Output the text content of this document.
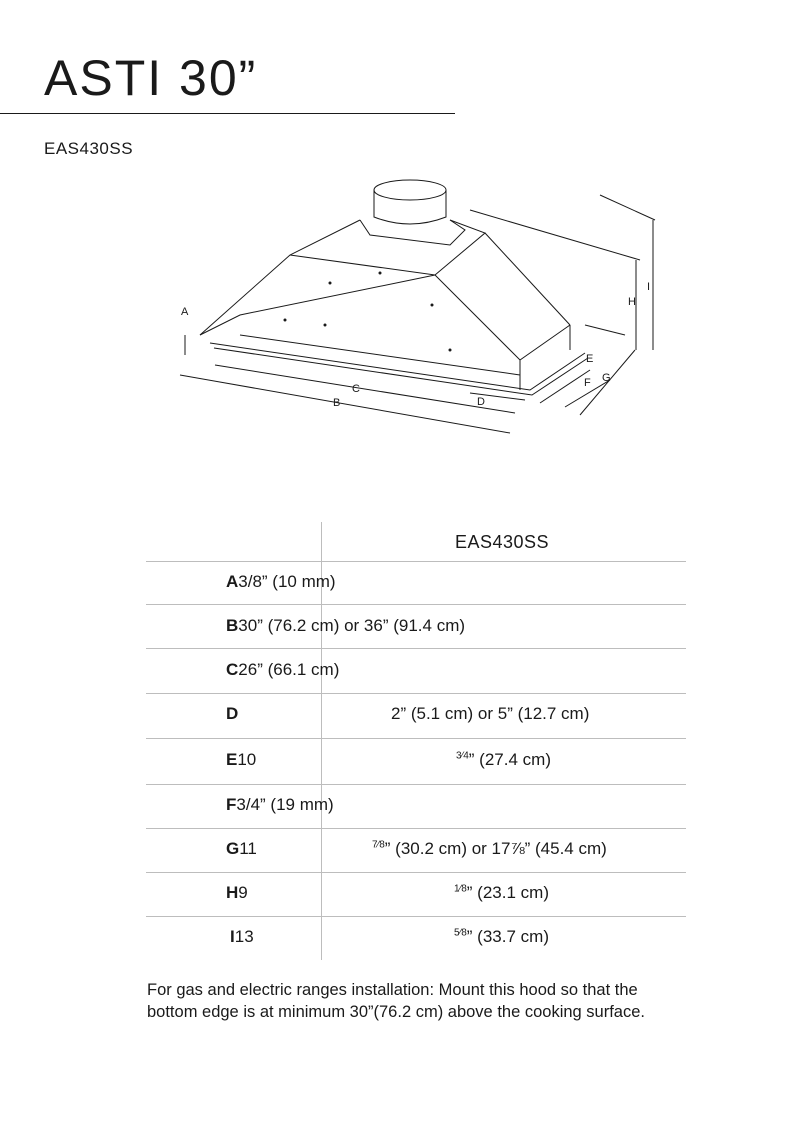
ASTI 30”
EAS430SS
A
B
C
D
E
F G
H
I
EAS430SS
A3/8” (10 mm)
B30” (76.2 cm) or 36” (91.4 cm)
C26” (66.1 cm)
D	2” (5.1 cm) or 5” (12.7 cm)
E10	$^{3⁄4}$” (27.4 cm)
F3/4” (19 mm)
G11	$^{7⁄8}$” (30.2 cm) or 17⅞” (45.4 cm)
H9	$^{1⁄8}$” (23.1 cm)
I13	$^{5⁄8}$” (33.7 cm)
For gas and electric ranges installation: Mount this hood so that the bottom edge is at minimum 30”(76.2 cm) above the cooking surface.
